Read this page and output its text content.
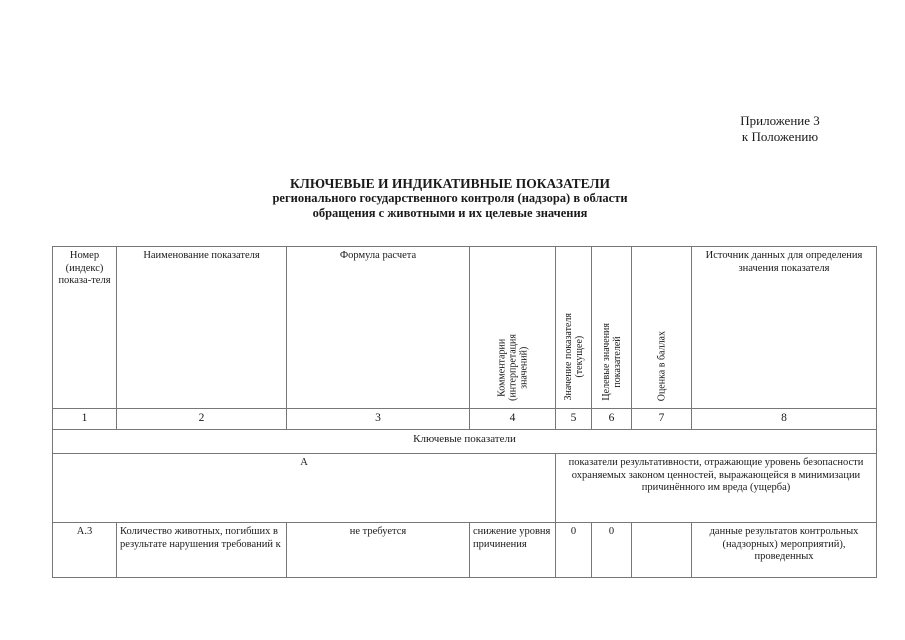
Приложение 3
к Положению
КЛЮЧЕВЫЕ И ИНДИКАТИВНЫЕ ПОКАЗАТЕЛИ
регионального государственного контроля (надзора) в области
обращения с животными и их целевые значения
Номер (индекс) показа-теля	Наименование показателя	Формула расчета	Комментарии
(интерпретация
значений)	Значение показателя
(текущее)	Целевые значения
показателей	Оценка в баллах	Источник данных для определения значения показателя
1	2	3	4	5	6	7	8
Ключевые показатели							
А				показатели результативности, отражающие уровень безопасности охраняемых законом ценностей, выражающейся в минимизации причинённого им вреда (ущерба)			
А.3	Количество животных, погибших в результате нарушения требований к	не требуется	снижение уровня причинения	0	0		данные результатов контрольных (надзорных) мероприятий), проведенных
